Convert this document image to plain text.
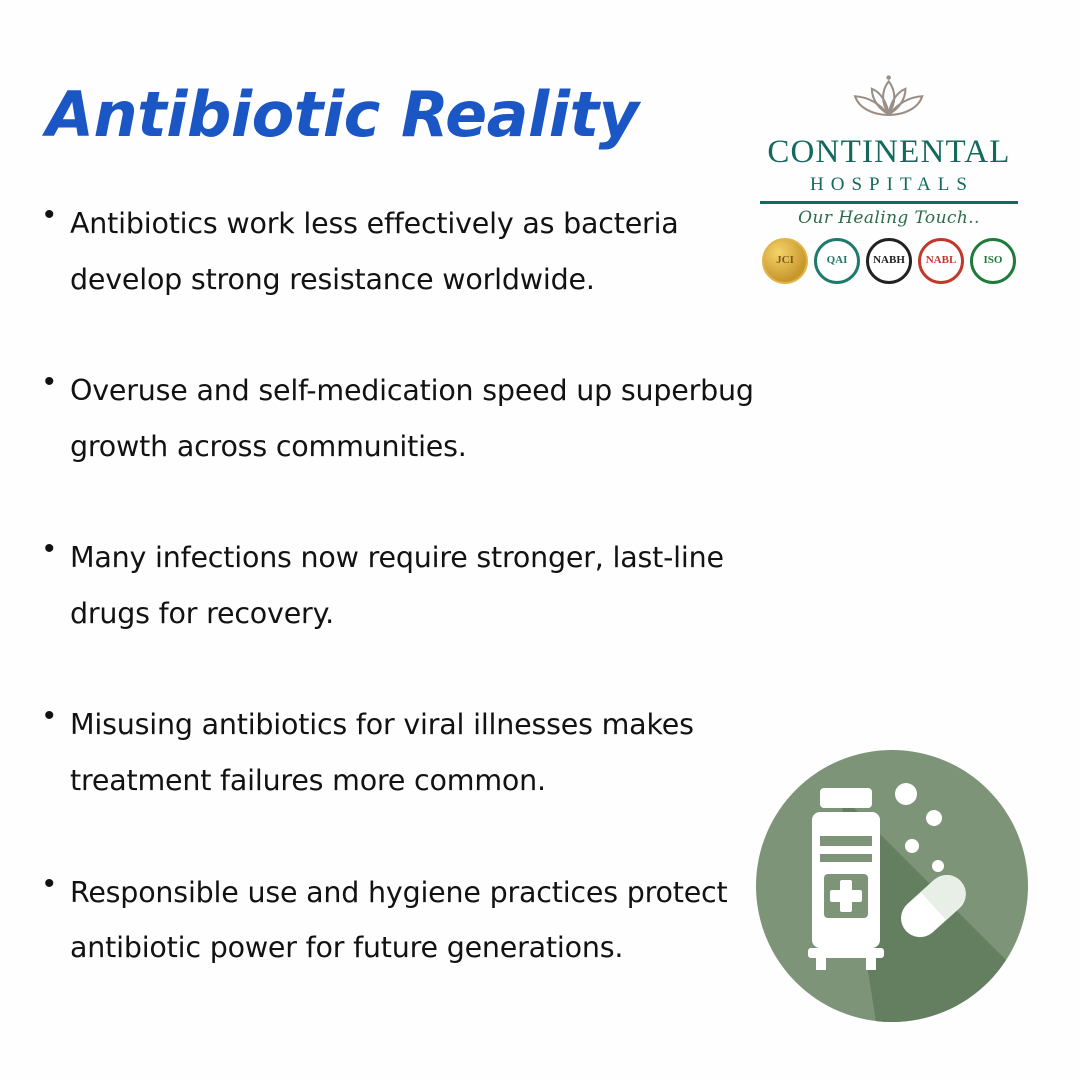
Antibiotic Reality
• Antibiotics work less effectively as bacteria develop strong resistance worldwide.
• Overuse and self-medication speed up superbug growth across communities.
• Many infections now require stronger, last-line drugs for recovery.
• Misusing antibiotics for viral illnesses makes treatment failures more common.
• Responsible use and hygiene practices protect antibiotic power for future generations.
CONTINENTAL
HOSPITALS
Our Healing Touch..
JCI	QAI	NABH	NABL	ISO
